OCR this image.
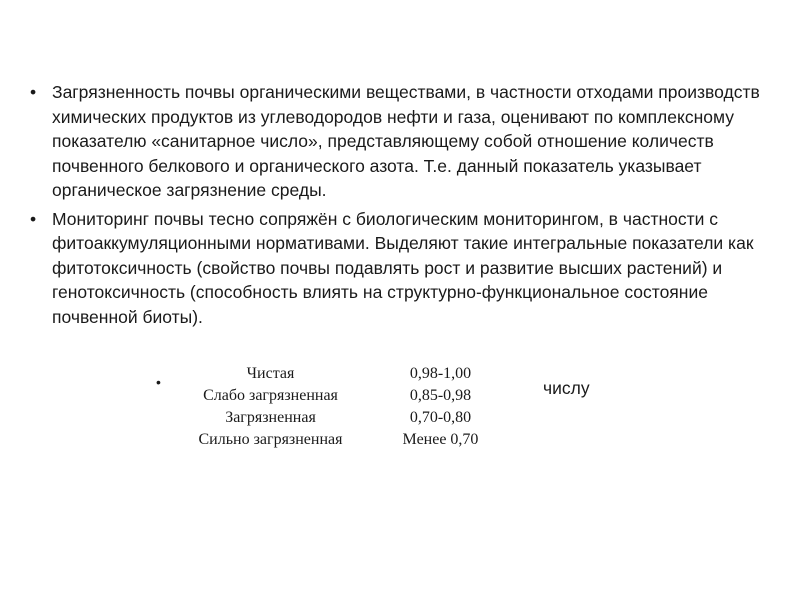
• Загрязненность почвы органическими веществами, в частности отходами производств химических продуктов из углеводородов нефти и газа, оценивают по комплексному показателю «санитарное число», представляющему собой отношение количеств почвенного белкового и органического азота. Т.е. данный показатель указывает органическое загрязнение среды.
• Мониторинг почвы тесно сопряжён с биологическим мониторингом, в частности с фитоаккумуляционными нормативами. Выделяют такие интегральные показатели как фитотоксичность (свойство почвы подавлять рост и развитие высших растений) и генотоксичность (способность влиять на структурно-функциональное состояние почвенной биоты).
•	числу
Чистая	0,98-1,00
Слабо загрязненная	0,85-0,98
Загрязненная	0,70-0,80
Сильно загрязненная	Менее 0,70
